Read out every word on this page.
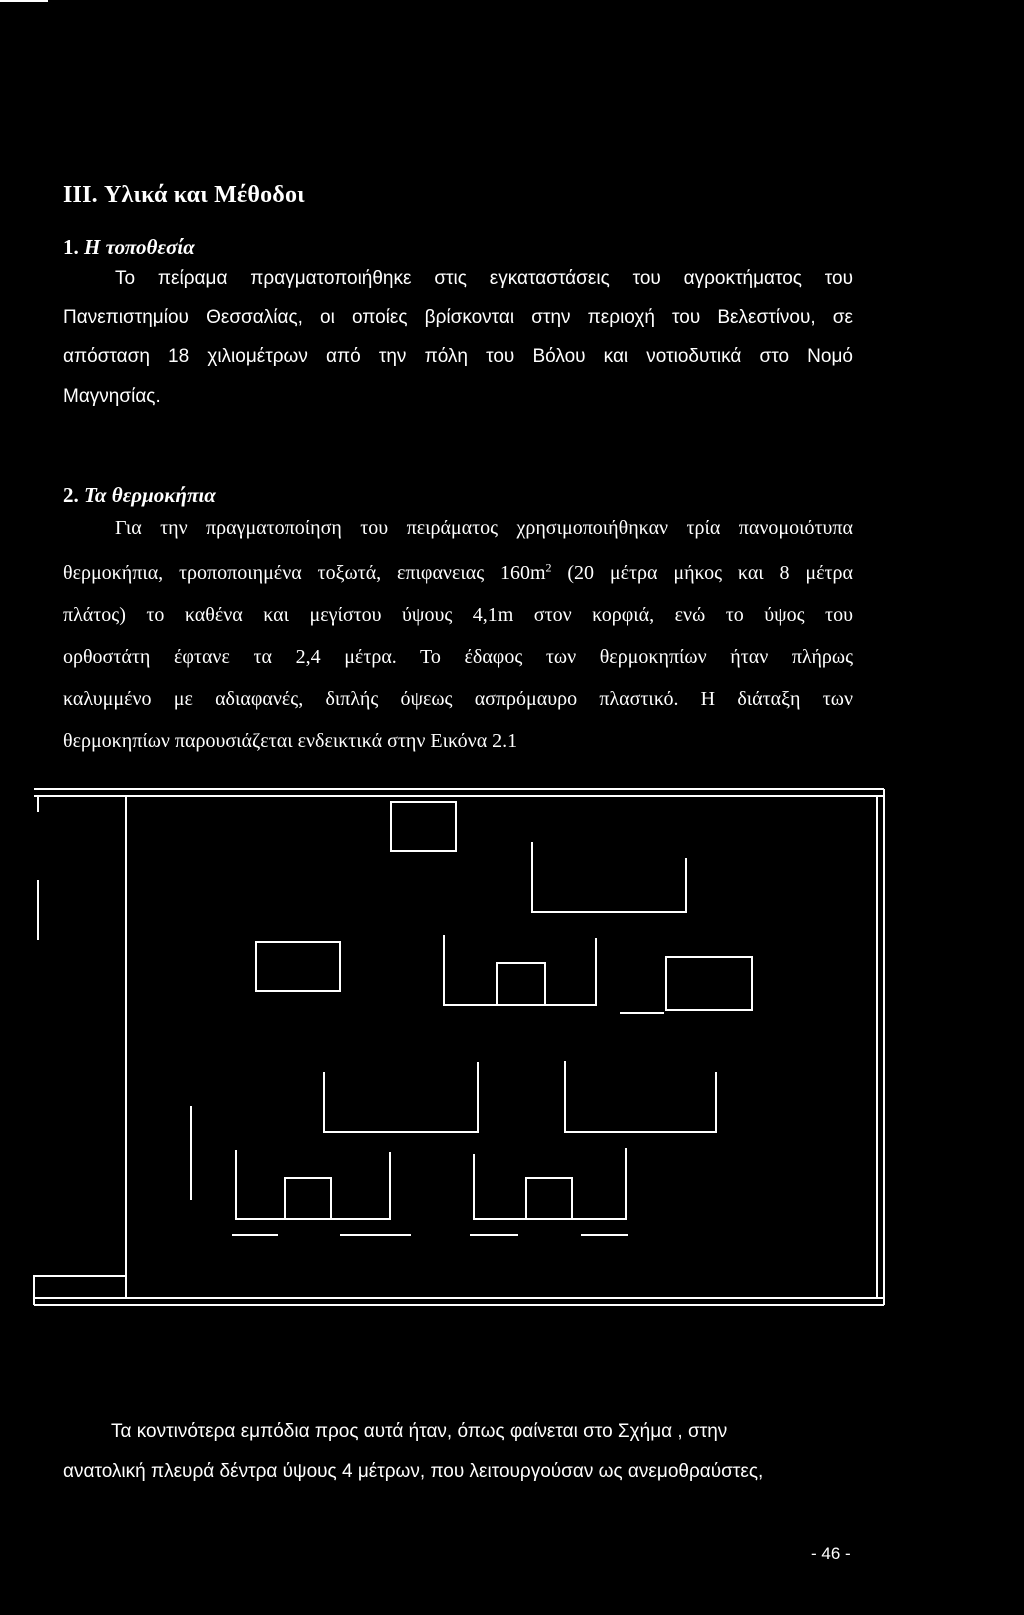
III. Υλικά και Μέθοδοι
1. Η τοποθεσία
Το πείραμα πραγματοποιήθηκε στις εγκαταστάσεις του αγροκτήματος του
Πανεπιστημίου Θεσσαλίας, οι οποίες βρίσκονται στην περιοχή του Βελεστίνου, σε
απόσταση 18 χιλιομέτρων από την πόλη του Βόλου και νοτιοδυτικά στο Νομό
Μαγνησίας.
2. Τα θερμοκήπια
Για την πραγματοποίηση του πειράματος χρησιμοποιήθηκαν τρία πανομοιότυπα
θερμοκήπια, τροποποιημένα τοξωτά, επιφανειας $160m^2$ (20 μέτρα μήκος και 8 μέτρα
πλάτος) το καθένα και μεγίστου ύψους 4,1m στον κορφιά, ενώ το ύψος του
ορθοστάτη έφτανε τα 2,4 μέτρα. Το έδαφος των θερμοκηπίων ήταν πλήρως
καλυμμένο με αδιαφανές, διπλής όψεως ασπρόμαυρο πλαστικό. Η διάταξη των
θερμοκηπίων παρουσιάζεται ενδεικτικά στην Εικόνα 2.1
Τα κοντινότερα εμπόδια προς αυτά ήταν, όπως φαίνεται στο Σχήμα , στην
ανατολική πλευρά δέντρα ύψους 4 μέτρων, που λειτουργούσαν ως ανεμοθραύστες,
- 46 -
